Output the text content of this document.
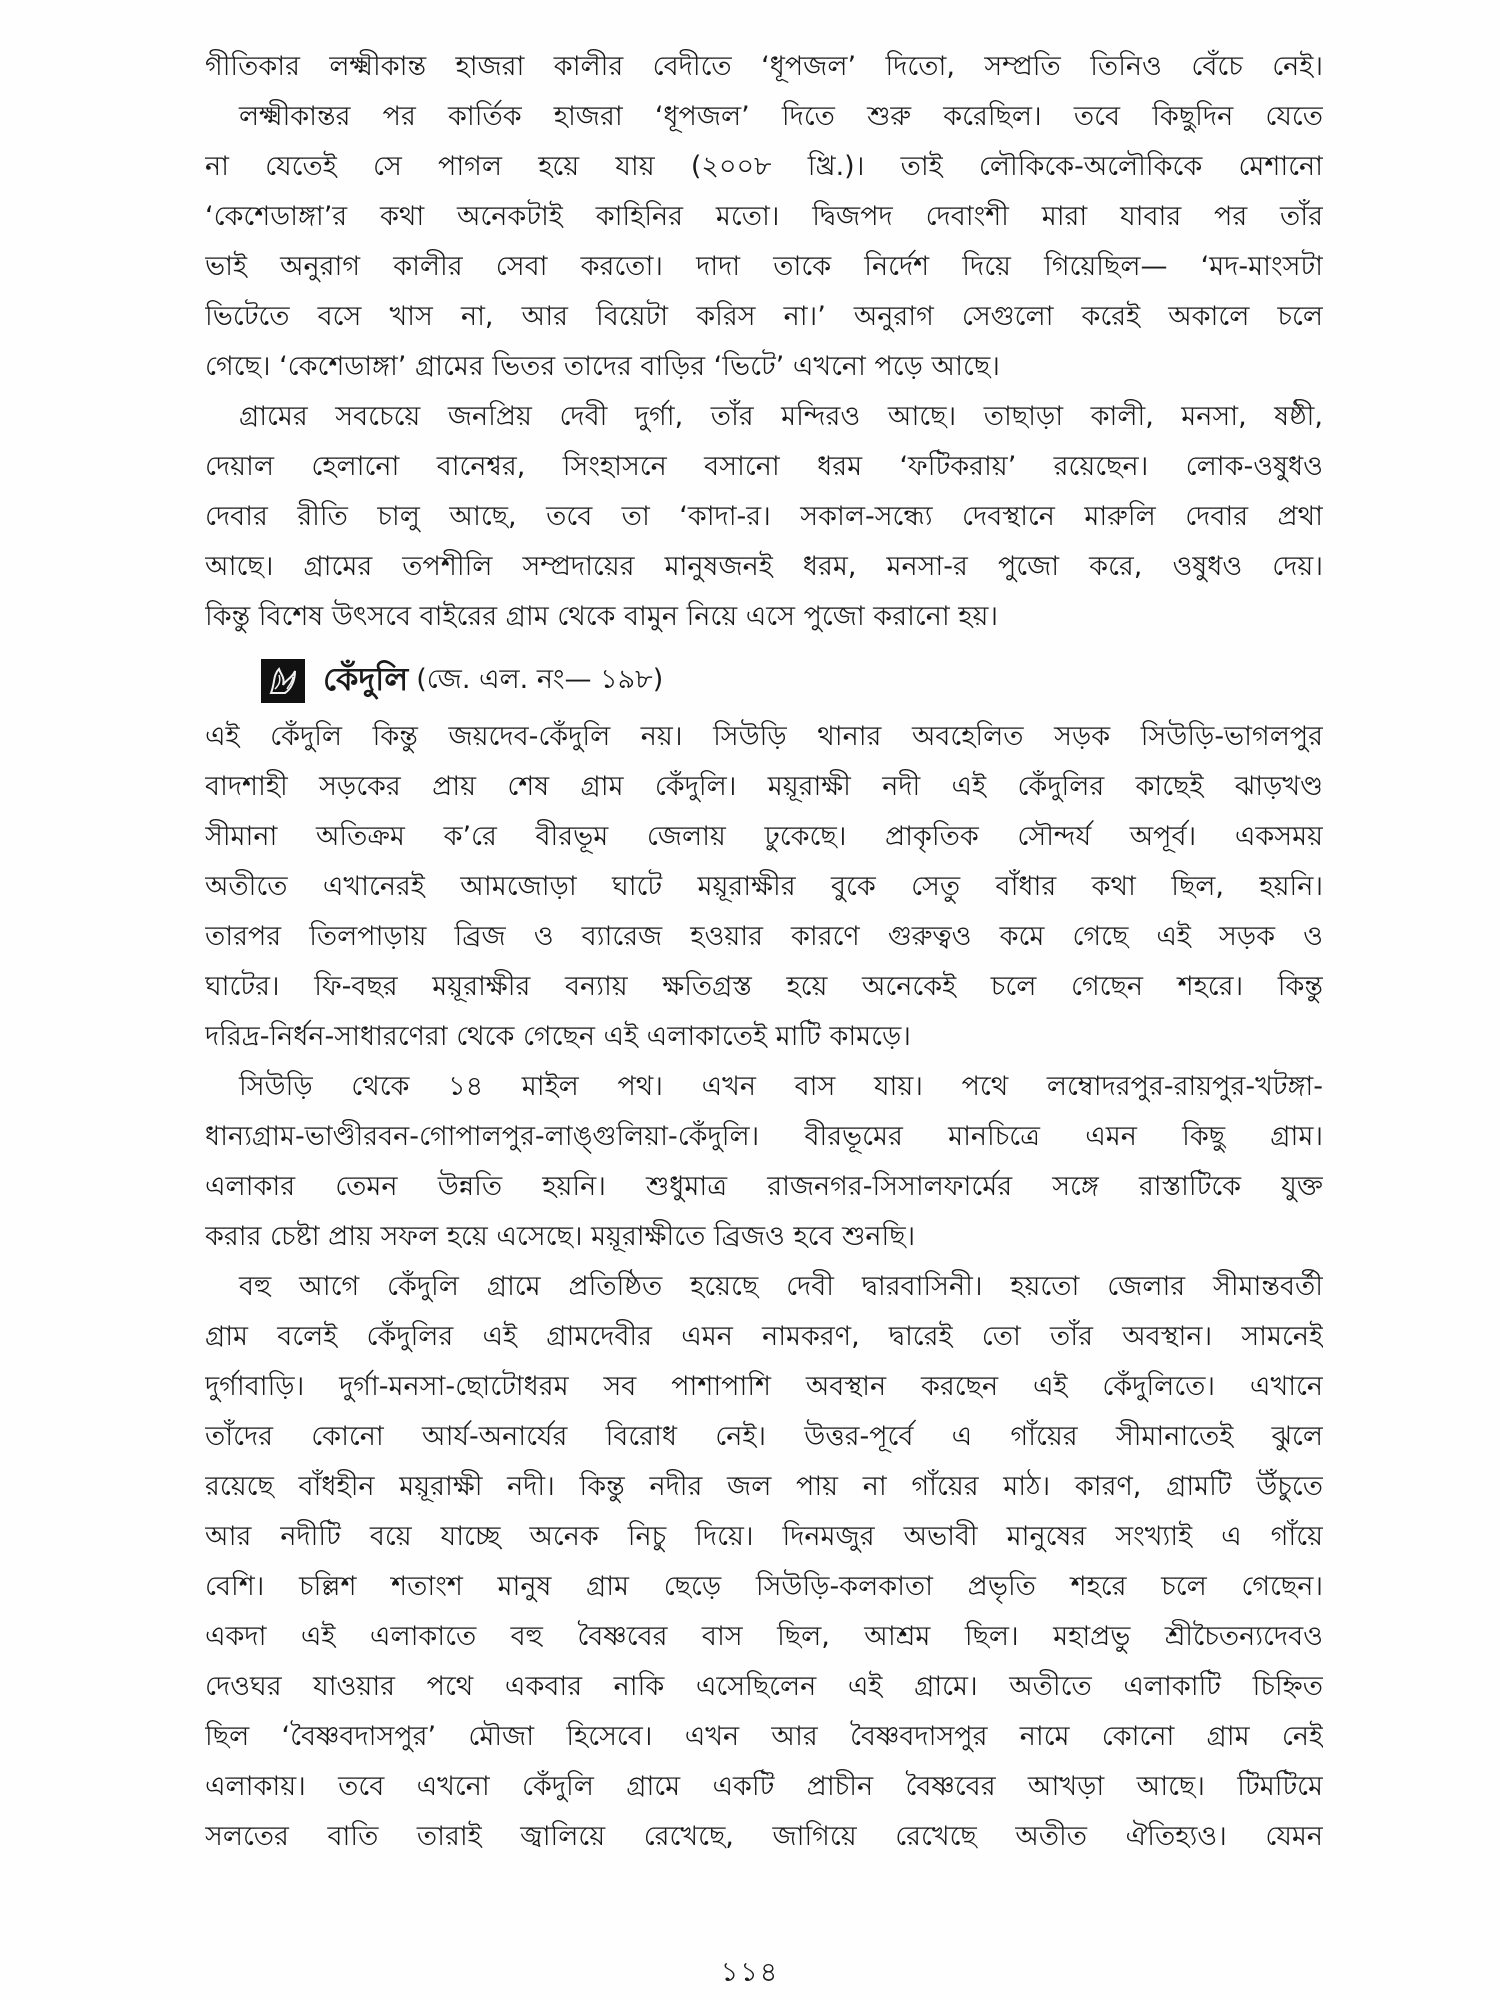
গীতিকার লক্ষ্মীকান্ত হাজরা কালীর বেদীতে ‘ধূপজল’ দিতো, সম্প্রতি তিনিও বেঁচে নেই।

লক্ষ্মীকান্তর পর কার্তিক হাজরা ‘ধূপজল’ দিতে শুরু করেছিল। তবে কিছুদিন যেতে
না যেতেই সে পাগল হয়ে যায় (২০০৮ খ্রি.)। তাই লৌকিকে-অলৌকিকে মেশানো
‘কেশেডাঙ্গা’র কথা অনেকটাই কাহিনির মতো। দ্বিজপদ দেবাংশী মারা যাবার পর তাঁর
ভাই অনুরাগ কালীর সেবা করতো। দাদা তাকে নির্দেশ দিয়ে গিয়েছিল— ‘মদ-মাংসটা
ভিটেতে বসে খাস না, আর বিয়েটা করিস না।’ অনুরাগ সেগুলো করেই অকালে চলে
গেছে। ‘কেশেডাঙ্গা’ গ্রামের ভিতর তাদের বাড়ির ‘ভিটে’ এখনো পড়ে আছে।

গ্রামের সবচেয়ে জনপ্রিয় দেবী দুর্গা, তাঁর মন্দিরও আছে। তাছাড়া কালী, মনসা, ষষ্ঠী,
দেয়াল হেলানো বানেশ্বর, সিংহাসনে বসানো ধরম ‘ফটিকরায়’ রয়েছেন। লোক-ওষুধও
দেবার রীতি চালু আছে, তবে তা ‘কাদা-র। সকাল-সন্ধ্যে দেবস্থানে মারুলি দেবার প্রথা
আছে। গ্রামের তপশীলি সম্প্রদায়ের মানুষজনই ধরম, মনসা-র পুজো করে, ওষুধও দেয়।
কিন্তু বিশেষ উৎসবে বাইরের গ্রাম থেকে বামুন নিয়ে এসে পুজো করানো হয়।

কেঁদুলি (জে. এল. নং— ১৯৮)

এই কেঁদুলি কিন্তু জয়দেব-কেঁদুলি নয়। সিউড়ি থানার অবহেলিত সড়ক সিউড়ি-ভাগলপুর
বাদশাহী সড়কের প্রায় শেষ গ্রাম কেঁদুলি। ময়ূরাক্ষী নদী এই কেঁদুলির কাছেই ঝাড়খণ্ড
সীমানা অতিক্রম ক’রে বীরভূম জেলায় ঢুকেছে। প্রাকৃতিক সৌন্দর্য অপূর্ব। একসময়
অতীতে এখানেরই আমজোড়া ঘাটে ময়ূরাক্ষীর বুকে সেতু বাঁধার কথা ছিল, হয়নি।
তারপর তিলপাড়ায় ব্রিজ ও ব্যারেজ হওয়ার কারণে গুরুত্বও কমে গেছে এই সড়ক ও
ঘাটের। ফি-বছর ময়ূরাক্ষীর বন্যায় ক্ষতিগ্রস্ত হয়ে অনেকেই চলে গেছেন শহরে। কিন্তু
দরিদ্র-নির্ধন-সাধারণেরা থেকে গেছেন এই এলাকাতেই মাটি কামড়ে।

সিউড়ি থেকে ১৪ মাইল পথ। এখন বাস যায়। পথে লম্বোদরপুর-রায়পুর-খটঙ্গা-
ধান্যগ্রাম-ভাণ্ডীরবন-গোপালপুর-লাঙ্গুলিয়া-কেঁদুলি। বীরভূমের মানচিত্রে এমন কিছু গ্রাম।
এলাকার তেমন উন্নতি হয়নি। শুধুমাত্র রাজনগর-সিসালফার্মের সঙ্গে রাস্তাটিকে যুক্ত
করার চেষ্টা প্রায় সফল হয়ে এসেছে। ময়ূরাক্ষীতে ব্রিজও হবে শুনছি।

বহু আগে কেঁদুলি গ্রামে প্রতিষ্ঠিত হয়েছে দেবী দ্বারবাসিনী। হয়তো জেলার সীমান্তবর্তী
গ্রাম বলেই কেঁদুলির এই গ্রামদেবীর এমন নামকরণ, দ্বারেই তো তাঁর অবস্থান। সামনেই
দুর্গাবাড়ি। দুর্গা-মনসা-ছোটোধরম সব পাশাপাশি অবস্থান করছেন এই কেঁদুলিতে। এখানে
তাঁদের কোনো আর্য-অনার্যের বিরোধ নেই। উত্তর-পূর্বে এ গাঁয়ের সীমানাতেই ঝুলে
রয়েছে বাঁধহীন ময়ূরাক্ষী নদী। কিন্তু নদীর জল পায় না গাঁয়ের মাঠ। কারণ, গ্রামটি উঁচুতে
আর নদীটি বয়ে যাচ্ছে অনেক নিচু দিয়ে। দিনমজুর অভাবী মানুষের সংখ্যাই এ গাঁয়ে
বেশি। চল্লিশ শতাংশ মানুষ গ্রাম ছেড়ে সিউড়ি-কলকাতা প্রভৃতি শহরে চলে গেছেন।
একদা এই এলাকাতে বহু বৈষ্ণবের বাস ছিল, আশ্রম ছিল। মহাপ্রভু শ্রীচৈতন্যদেবও
দেওঘর যাওয়ার পথে একবার নাকি এসেছিলেন এই গ্রামে। অতীতে এলাকাটি চিহ্নিত
ছিল ‘বৈষ্ণবদাসপুর’ মৌজা হিসেবে। এখন আর বৈষ্ণবদাসপুর নামে কোনো গ্রাম নেই
এলাকায়। তবে এখনো কেঁদুলি গ্রামে একটি প্রাচীন বৈষ্ণবের আখড়া আছে। টিমটিমে
সলতের বাতি তারাই জ্বালিয়ে রেখেছে, জাগিয়ে রেখেছে অতীত ঐতিহ্যও। যেমন

১১৪
